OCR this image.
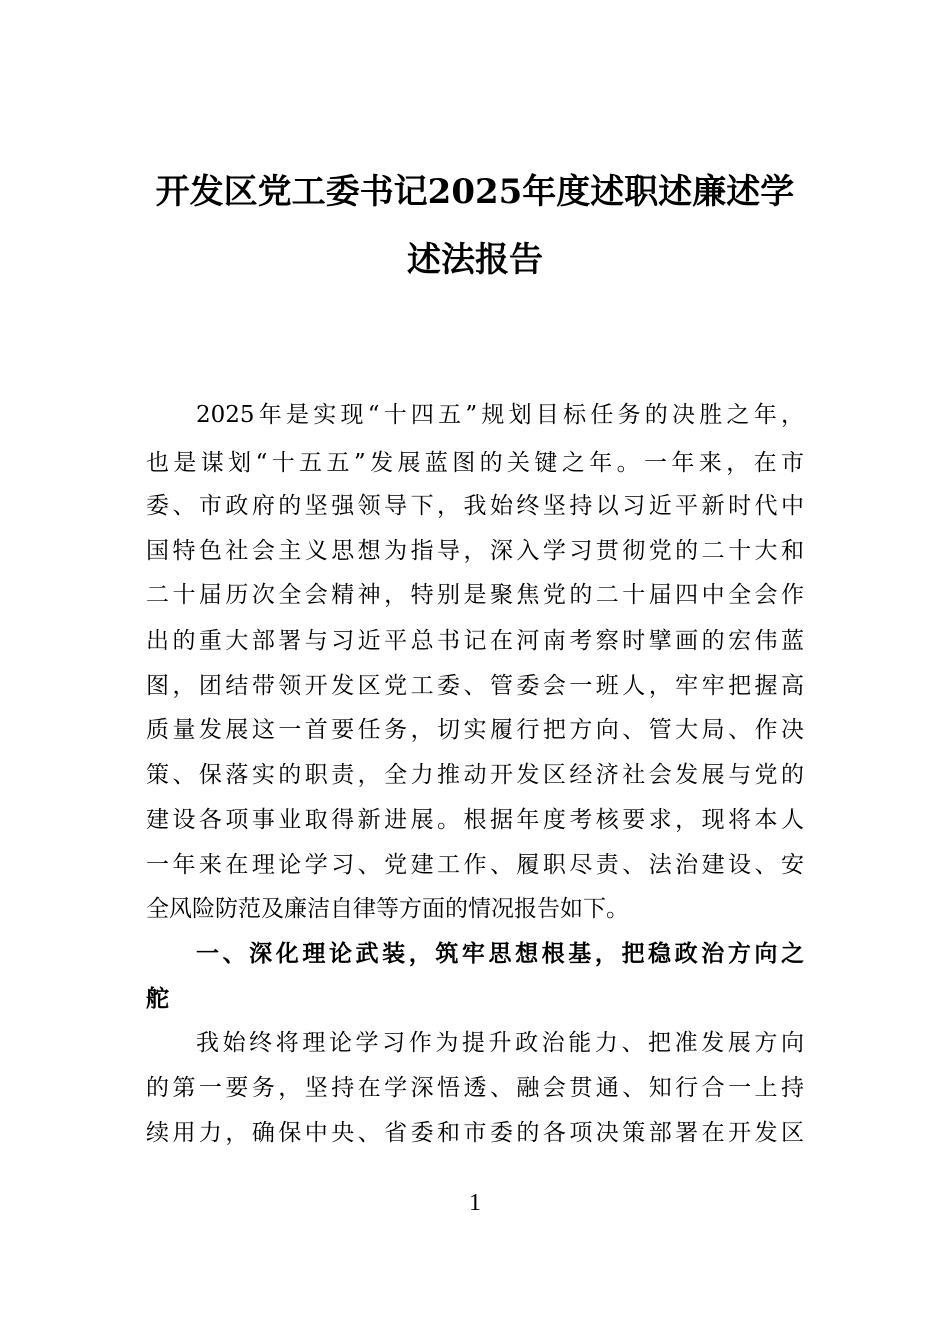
开发区党工委书记2025年度述职述廉述学
述法报告
2025年是实现“十四五”规划目标任务的决胜之年，
也是谋划“十五五”发展蓝图的关键之年。一年来，在市
委、市政府的坚强领导下，我始终坚持以习近平新时代中
国特色社会主义思想为指导，深入学习贯彻党的二十大和
二十届历次全会精神，特别是聚焦党的二十届四中全会作
出的重大部署与习近平总书记在河南考察时擘画的宏伟蓝
图，团结带领开发区党工委、管委会一班人，牢牢把握高
质量发展这一首要任务，切实履行把方向、管大局、作决
策、保落实的职责，全力推动开发区经济社会发展与党的
建设各项事业取得新进展。根据年度考核要求，现将本人
一年来在理论学习、党建工作、履职尽责、法治建设、安
全风险防范及廉洁自律等方面的情况报告如下。
一、深化理论武装，筑牢思想根基，把稳政治方向之
舵
我始终将理论学习作为提升政治能力、把准发展方向
的第一要务，坚持在学深悟透、融会贯通、知行合一上持
续用力，确保中央、省委和市委的各项决策部署在开发区
1
